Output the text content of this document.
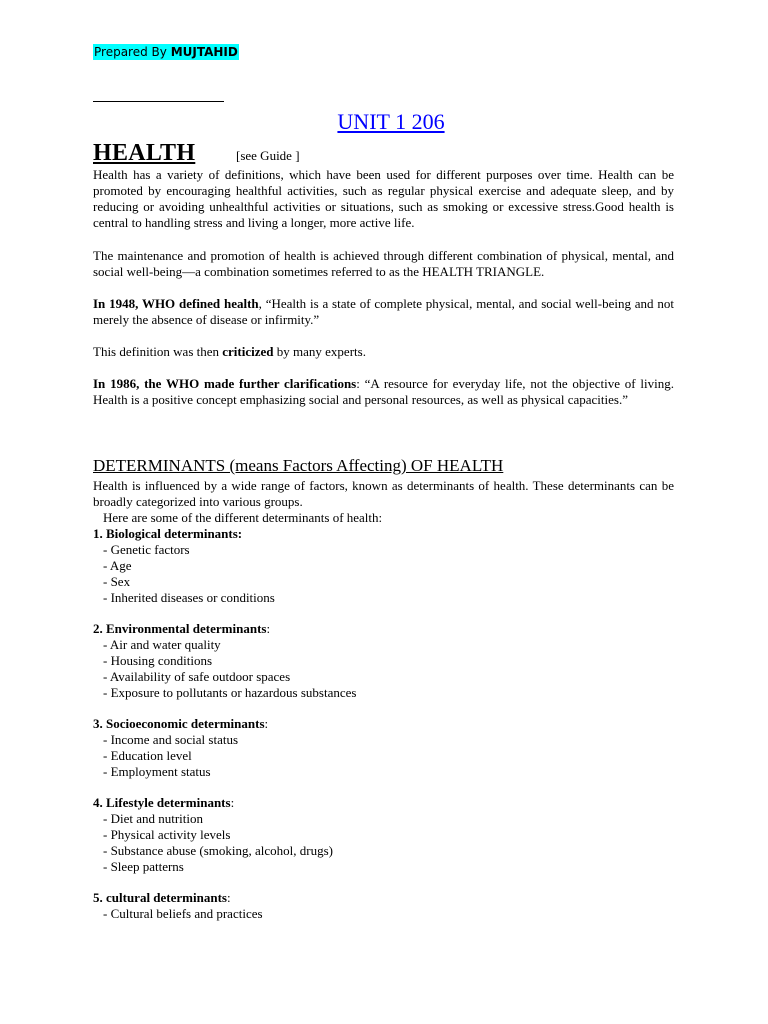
Prepared By MUJTAHID
UNIT 1 206
HEALTH	[see Guide ]

Health has a variety of definitions, which have been used for different purposes over time. Health can be promoted by encouraging healthful activities, such as regular physical exercise and adequate sleep, and by reducing or avoiding unhealthful activities or situations, such as smoking or excessive stress.Good health is central to handling stress and living a longer, more active life.

The maintenance and promotion of health is achieved through different combination of physical, mental, and social well-being—a combination sometimes referred to as the HEALTH TRIANGLE.

In 1948, WHO defined health, “Health is a state of complete physical, mental, and social well-being and not merely the absence of disease or infirmity.”

This definition was then criticized by many experts.

In 1986, the WHO made further clarifications: “A resource for everyday life, not the objective of living. Health is a positive concept emphasizing social and personal resources, as well as physical capacities.”

DETERMINANTS (means Factors Affecting) OF HEALTH

Health is influenced by a wide range of factors, known as determinants of health. These determinants can be broadly categorized into various groups.

Here are some of the different determinants of health:
1. Biological determinants:
- Genetic factors
- Age
- Sex
- Inherited diseases or conditions
2. Environmental determinants:
- Air and water quality
- Housing conditions
- Availability of safe outdoor spaces
- Exposure to pollutants or hazardous substances
3. Socioeconomic determinants:
- Income and social status
- Education level
- Employment status
4. Lifestyle determinants:
- Diet and nutrition
- Physical activity levels
- Substance abuse (smoking, alcohol, drugs)
- Sleep patterns
5. cultural determinants:
- Cultural beliefs and practices
